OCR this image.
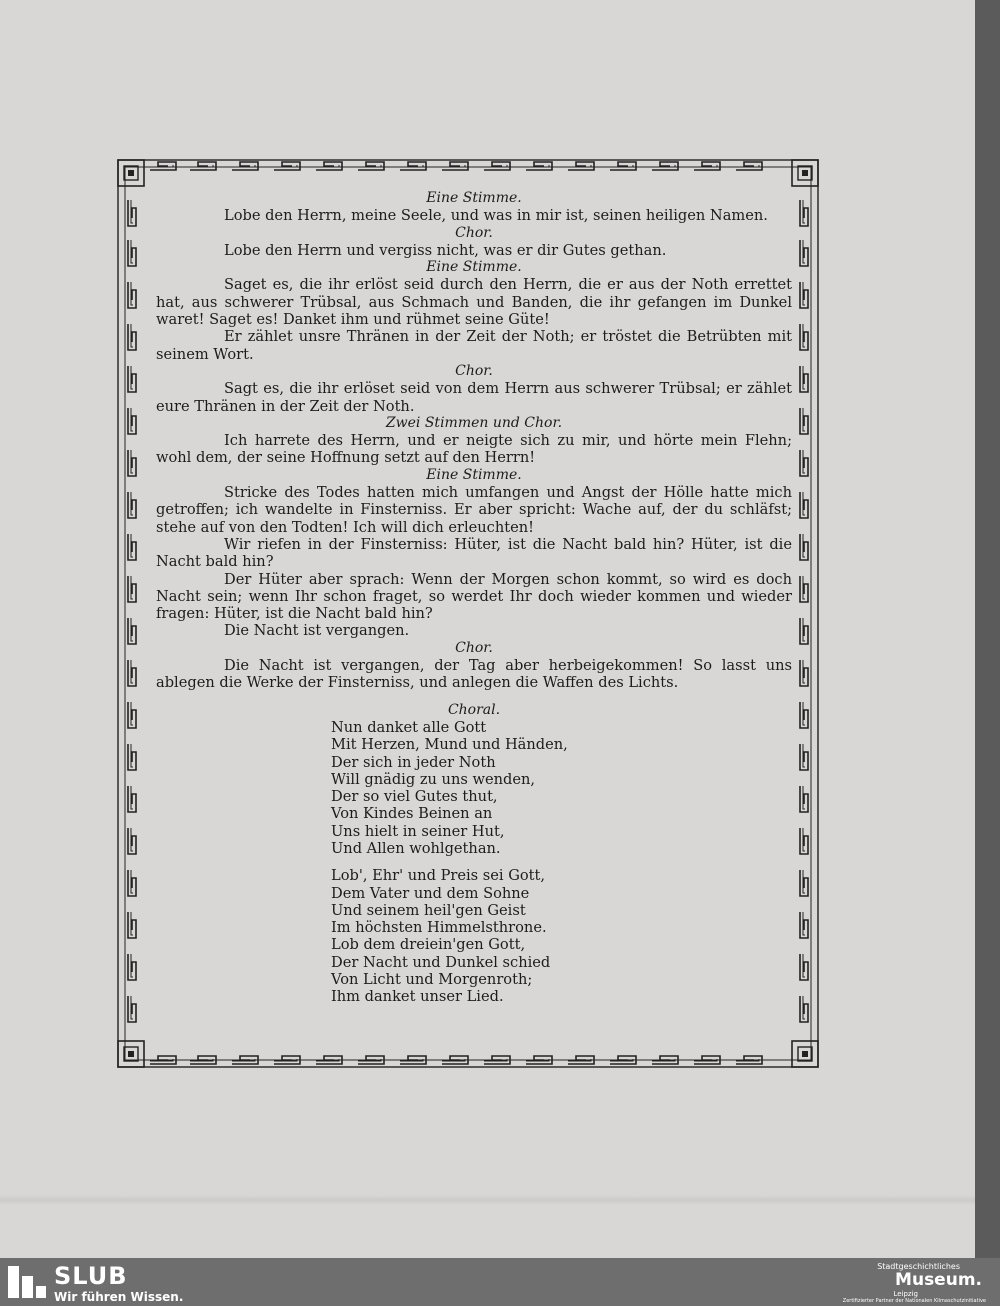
Eine Stimme.

Lobe den Herrn, meine Seele, und was in mir ist, seinen heiligen Namen.

Chor.

Lobe den Herrn und vergiss nicht, was er dir Gutes gethan.

Eine Stimme.

Saget es, die ihr erlöst seid durch den Herrn, die er aus der Noth errettet hat, aus schwerer Trübsal, aus Schmach und Banden, die ihr gefangen im Dunkel waret! Saget es! Danket ihm und rühmet seine Güte!

Er zählet unsre Thränen in der Zeit der Noth; er tröstet die Betrübten mit seinem Wort.

Chor.

Sagt es, die ihr erlöset seid von dem Herrn aus schwerer Trübsal; er zählet eure Thränen in der Zeit der Noth.

Zwei Stimmen und Chor.

Ich harrete des Herrn, und er neigte sich zu mir, und hörte mein Flehn; wohl dem, der seine Hoffnung setzt auf den Herrn!

Eine Stimme.

Stricke des Todes hatten mich umfangen und Angst der Hölle hatte mich getroffen; ich wandelte in Finsterniss. Er aber spricht: Wache auf, der du schläfst; stehe auf von den Todten! Ich will dich erleuchten!

Wir riefen in der Finsterniss: Hüter, ist die Nacht bald hin? Hüter, ist die Nacht bald hin?

Der Hüter aber sprach: Wenn der Morgen schon kommt, so wird es doch Nacht sein; wenn Ihr schon fraget, so werdet Ihr doch wieder kommen und wieder fragen: Hüter, ist die Nacht bald hin?

Die Nacht ist vergangen.

Chor.

Die Nacht ist vergangen, der Tag aber herbeigekommen! So lasst uns ablegen die Werke der Finsterniss, und anlegen die Waffen des Lichts.

Choral.

Nun danket alle Gott

Mit Herzen, Mund und Händen,

Der sich in jeder Noth

Will gnädig zu uns wenden,

Der so viel Gutes thut,

Von Kindes Beinen an

Uns hielt in seiner Hut,

Und Allen wohlgethan.

Lob', Ehr' und Preis sei Gott,

Dem Vater und dem Sohne

Und seinem heil'gen Geist

Im höchsten Himmelsthrone.

Lob dem dreiein'gen Gott,

Der Nacht und Dunkel schied

Von Licht und Morgenroth;

Ihm danket unser Lied.

SLUB
Wir führen Wissen.
Stadtgeschichtliches
Museum.
Leipzig
Zertifizierter Partner der Nationalen Klimaschutzinitiative
